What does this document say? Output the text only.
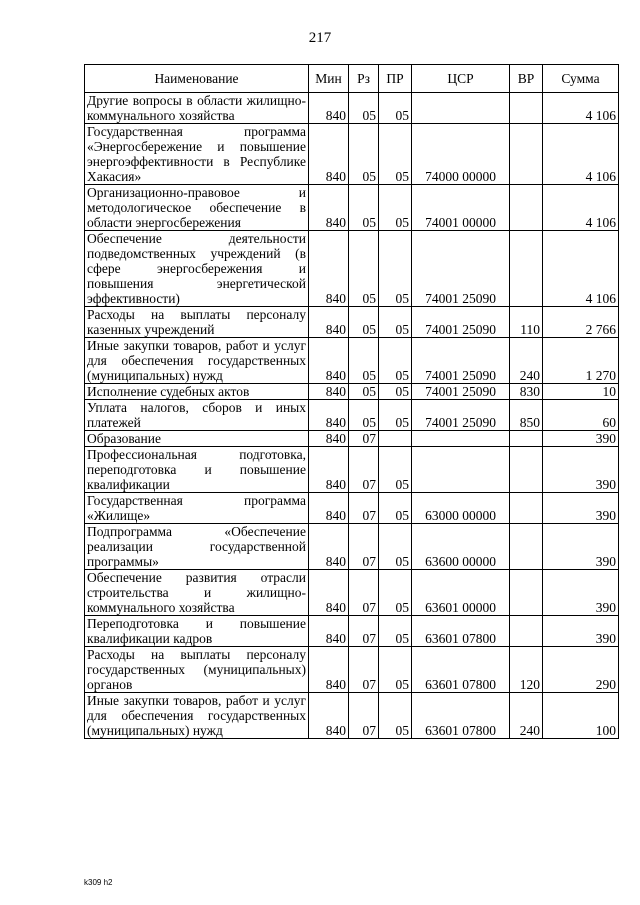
217
Наименование	Мин	Рз	ПР	ЦСР	ВР	Сумма
Другие вопросы в области жилищно-коммунального хозяйства	840	05	05			4 106
Государственная программа «Энергосбережение и повышение энергоэффективности в Республике Хакасия»	840	05	05	74000 00000		4 106
Организационно-правовое и методологическое обеспечение в области энергосбережения	840	05	05	74001 00000		4 106
Обеспечение деятельности подведомственных учреждений (в сфере энергосбережения и повышения энергетической эффективности)	840	05	05	74001 25090		4 106
Расходы на выплаты персоналу казенных учреждений	840	05	05	74001 25090	110	2 766
Иные закупки товаров, работ и услуг для обеспечения государственных (муниципальных) нужд	840	05	05	74001 25090	240	1 270
Исполнение судебных актов	840	05	05	74001 25090	830	10
Уплата налогов, сборов и иных платежей	840	05	05	74001 25090	850	60
Образование	840	07				390
Профессиональная подготовка, переподготовка и повышение квалификации	840	07	05			390
Государственная программа «Жилище»	840	07	05	63000 00000		390
Подпрограмма «Обеспечение реализации государственной программы»	840	07	05	63600 00000		390
Обеспечение развития отрасли строительства и жилищно-коммунального хозяйства	840	07	05	63601 00000		390
Переподготовка и повышение квалификации кадров	840	07	05	63601 07800		390
Расходы на выплаты персоналу государственных (муниципальных) органов	840	07	05	63601 07800	120	290
Иные закупки товаров, работ и услуг для обеспечения государственных (муниципальных) нужд	840	07	05	63601 07800	240	100
k309 h2
